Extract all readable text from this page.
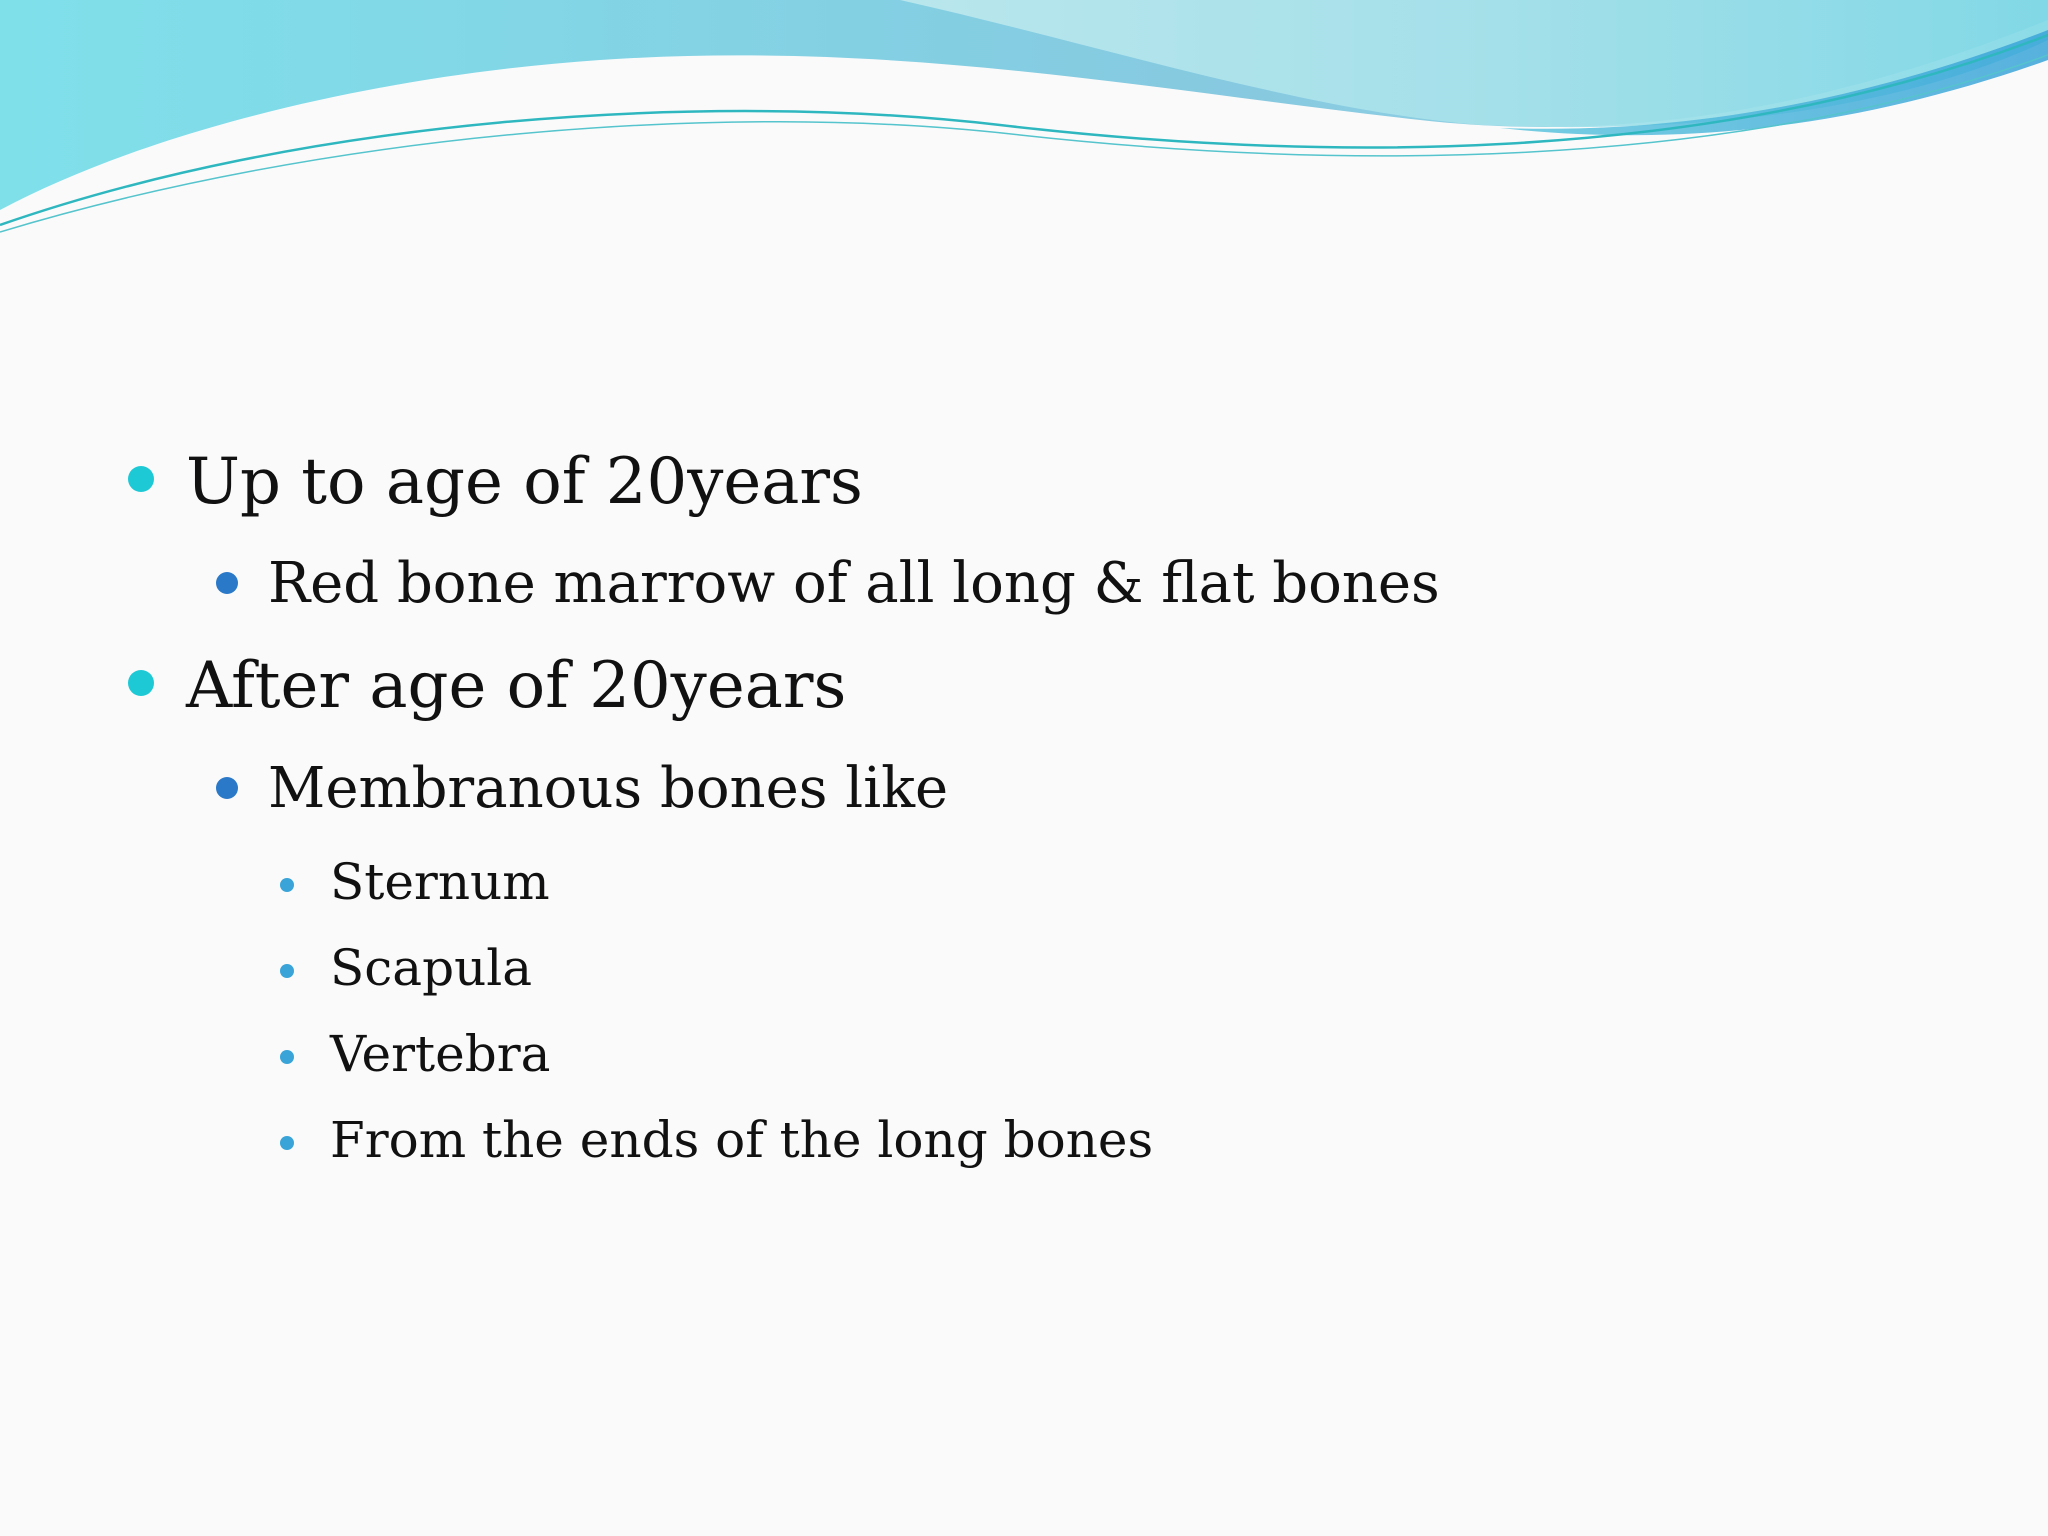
Up to age of 20years
Red bone marrow of all long & flat bones
After age of 20years
Membranous bones like
Sternum
Scapula
Vertebra
From the ends of the long bones
